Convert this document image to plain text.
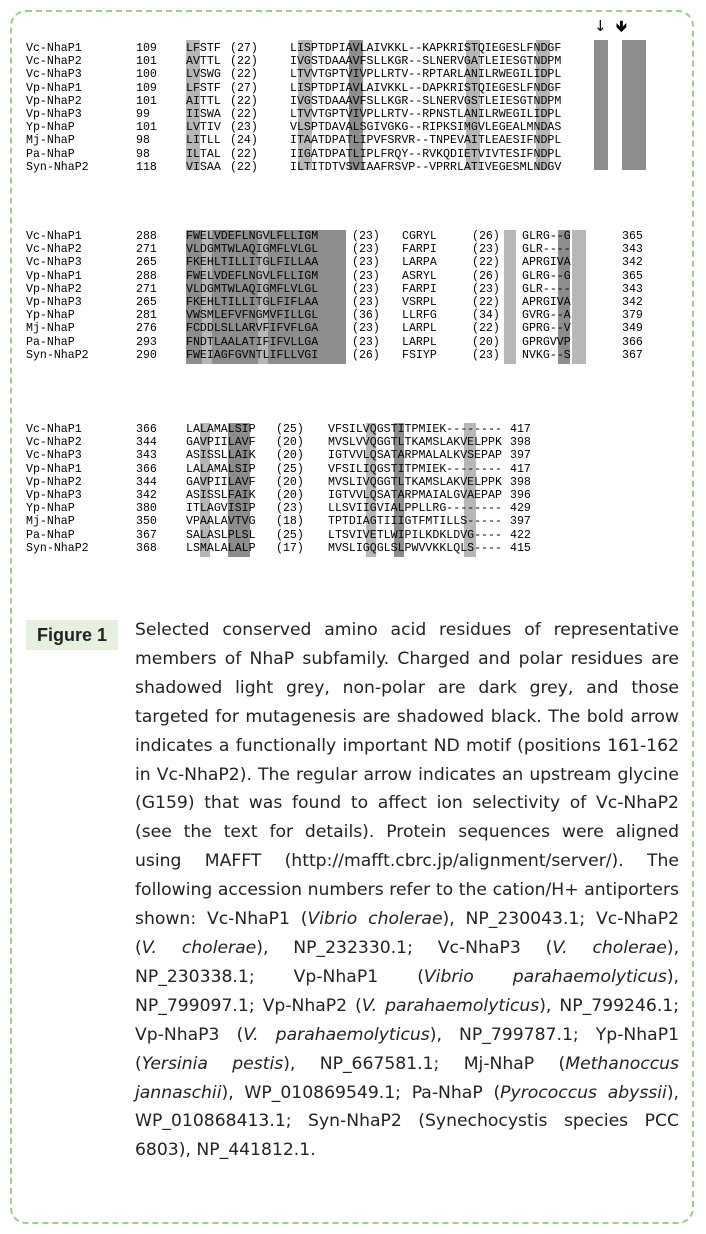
↓ 🡻
Vc-NhaP1	109	LFSTF (27)	LISPTDPIAVLAIVKKL--KAPKRISTQIEGESLFNDGF
Vc-NhaP2	101	AVTTL (22)	IVGSTDAAAVFSLLKGR--SLNERVGATLEIESGTNDPM
Vc-NhaP3	100	LVSWG (22)	LTVVTGPTVIVPLLRTV--RPTARLANILRWEGILIDPL
Vp-NhaP1	109	LFSTF (27)	LISPTDPIAVLAIVKKL--DAPKRISTQIEGESLFNDGF
Vp-NhaP2	101	AITTL (22)	IVGSTDAAAVFSLLKGR--SLNERVGSTLEIESGTNDPM
Vp-NhaP3	99	IISWA (22)	LTVVTGPTVIVPLLRTV--RPNSTLANILRWEGILIDPL
Yp-NhaP	101	LVTIV (23)	VLSPTDAVALSGIVGKG--RIPKSIMGVLEGEALMNDAS
Mj-NhaP	98	LITLL (24)	ITAATDPATLIPVFSRVR--TNPEVAITLEAESIFNDPL
Pa-NhaP	98	ILTAL (22)	IIGATDPATLIPLFRQY--RVKQDIETVIVTESIFNDPL
Syn-NhaP2	118	VISAA (22)	ILTITDTVSVIAAFRSVP--VPRRLATIVEGESMLNDGV
Vc-NhaP1	288	FWELVDEFLNGVLFLLIGM	(23) CGRYL	(26) GLRG--G	365
Vc-NhaP2	271	VLDGMTWLAQIGMFLVLGL	(23) FARPI	(23) GLR----	343
Vc-NhaP3	265	FKEHLTILLITGLFILLAA	(23) LARPA	(22) APRGIVA	342
Vp-NhaP1	288	FWELVDEFLNGVLFLLIGM	(23) ASRYL	(26) GLRG--G	365
Vp-NhaP2	271	VLDGMTWLAQIGMFLVLGL	(23) FARPI	(23) GLR----	343
Vp-NhaP3	265	FKEHLTILLITGLFIFLAA	(23) VSRPL	(22) APRGIVA	342
Yp-NhaP	281	VWSMLEFVFNGMVFILLGL	(36) LLRFG	(34) GVRG--A	379
Mj-NhaP	276	FCDDLSLLARVFIFVFLGA	(23) LARPL	(22) GPRG--V	349
Pa-NhaP	293	FNDTLAALATIFIFVLLGA	(23) LARPL	(20) GPRGVVP	366
Syn-NhaP2	290	FWEIAGFGVNTLIFLLVGI	(26) FSIYP	(23) NVKG--S	367
Vc-NhaP1	366	LALAMALSIP (25) VFSILVQGSTITPMIEK-------- 417
Vc-NhaP2	344	GAVPIILAVF (20) MVSLVVQGGTLTKAMSLAKVELPPK 398
Vc-NhaP3	343	ASISSLLAIK (20) IGTVVLQSATARPMALALKVSEPAP 397
Vp-NhaP1	366	LALAMALSIP (25) VFSILIQGSTITPMIEK-------- 417
Vp-NhaP2	344	GAVPIILAVF (20) MVSLIVQGGTLTKAMSLAKVELPPK 398
Vp-NhaP3	342	ASISSLFAIK (20) IGTVVLQSATARPMAIALGVAEPAP 396
Yp-NhaP	380	ITLAGVISIP (23) LLSVIIGVIALPPLLRG-------- 429
Mj-NhaP	350	VPAALAVTVG (18) TPTDIAGTIIIGTFMTILLS----- 397
Pa-NhaP	367	SALASLPLSL (25) LTSVIVETLWIPILKDKLDVG---- 422
Syn-NhaP2	368	LSMALALALP (17) MVSLIGQGLSLPWVVKKLQLS---- 415
Figure 1	Selected conserved amino acid residues of representative members of NhaP subfamily. Charged and polar residues are shadowed light grey, non-polar are dark grey, and those targeted for mutagenesis are shadowed black. The bold arrow indicates a functionally important ND motif (positions 161-162 in Vc-NhaP2). The regular arrow indicates an upstream glycine (G159) that was found to affect ion selectivity of Vc-NhaP2 (see the text for details). Protein sequences were aligned using MAFFT (http://mafft.cbrc.jp/alignment/server/). The following accession numbers refer to the cation/H+ antiporters shown: Vc-NhaP1 (Vibrio cholerae), NP_230043.1; Vc-NhaP2 (V. cholerae), NP_232330.1; Vc-NhaP3 (V. cholerae), NP_230338.1; Vp-NhaP1 (Vibrio parahaemolyticus), NP_799097.1; Vp-NhaP2 (V. parahaemolyticus), NP_799246.1; Vp-NhaP3 (V. parahaemolyticus), NP_799787.1; Yp-NhaP1 (Yersinia pestis), NP_667581.1; Mj-NhaP (Methanoccus jannaschii), WP_010869549.1; Pa-NhaP (Pyrococcus abyssii), WP_010868413.1; Syn-NhaP2 (Synechocystis species PCC 6803), NP_441812.1.
